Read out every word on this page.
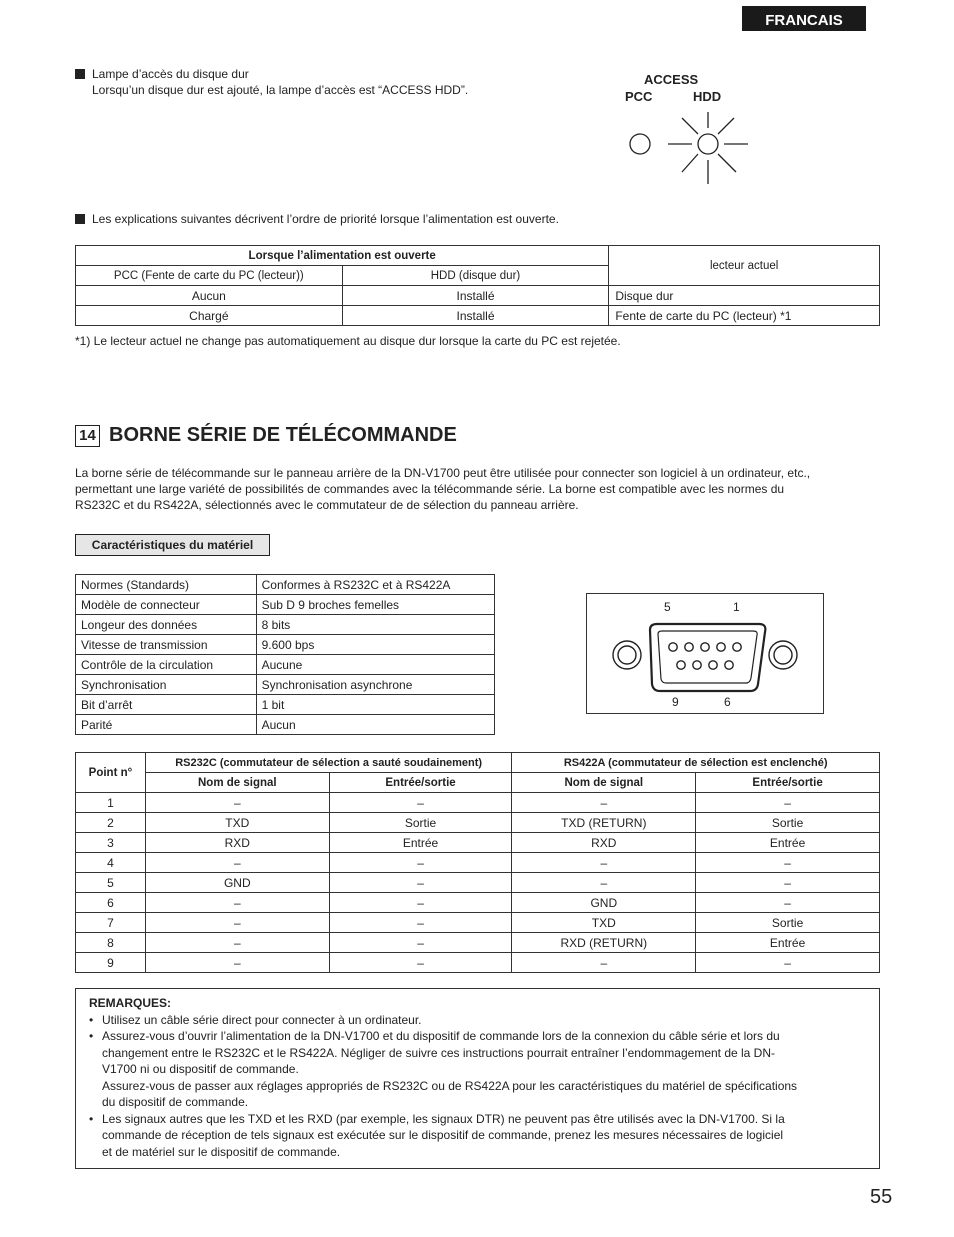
FRANCAIS
Lampe d’accès du disque dur
Lorsqu’un disque dur est ajouté, la lampe d’accès est “ACCESS HDD”.
ACCESS
PCC	HDD
Les explications suivantes décrivent l’ordre de priorité lorsque l’alimentation est ouverte.
Lorsque l’alimentation est ouverte		lecteur actuel
PCC (Fente de carte du PC (lecteur))	HDD (disque dur)	
Aucun	Installé	Disque dur
Chargé	Installé	Fente de carte du PC (lecteur) *1
*1) Le lecteur actuel ne change pas automatiquement au disque dur lorsque la carte du PC est rejetée.
14 BORNE SÉRIE DE TÉLÉCOMMANDE
La borne série de télécommande sur le panneau arrière de la DN-V1700 peut être utilisée pour connecter son logiciel à un ordinateur, etc.,
permettant une large variété de possibilités de commandes avec la télécommande série. La borne est compatible avec les normes du
RS232C et du RS422A, sélectionnés avec le commutateur de de sélection du panneau arrière.
Caractéristiques du matériel
Normes (Standards)	Conformes à RS232C et à RS422A
Modèle de connecteur	Sub D 9 broches femelles
Longeur des données	8 bits
Vitesse de transmission	9.600 bps
Contrôle de la circulation	Aucune
Synchronisation	Synchronisation asynchrone
Bit d’arrêt	1 bit
Parité	Aucun
5	1
9	6
Point n°	RS232C (commutateur de sélection a sauté soudainement)		RS422A (commutateur de sélection est enclenché)	
	Nom de signal	Entrée/sortie	Nom de signal	Entrée/sortie
1	–	–	–	–
2	TXD	Sortie	TXD (RETURN)	Sortie
3	RXD	Entrée	RXD	Entrée
4	–	–	–	–
5	GND	–	–	–
6	–	–	GND	–
7	–	–	TXD	Sortie
8	–	–	RXD (RETURN)	Entrée
9	–	–	–	–
REMARQUES:
• Utilisez un câble série direct pour connecter à un ordinateur.
• Assurez-vous d’ouvrir l’alimentation de la DN-V1700 et du dispositif de commande lors de la connexion du câble série et lors du
changement entre le RS232C et le RS422A. Négliger de suivre ces instructions pourrait entraîner l’endommagement de la DN-
V1700 ni ou dispositif de commande.
Assurez-vous de passer aux réglages appropriés de RS232C ou de RS422A pour les caractéristiques du matériel de spécifications
du dispositif de commande.
• Les signaux autres que les TXD et les RXD (par exemple, les signaux DTR) ne peuvent pas être utilisés avec la DN-V1700. Si la
commande de réception de tels signaux est exécutée sur le dispositif de commande, prenez les mesures nécessaires de logiciel
et de matériel sur le dispositif de commande.
55
